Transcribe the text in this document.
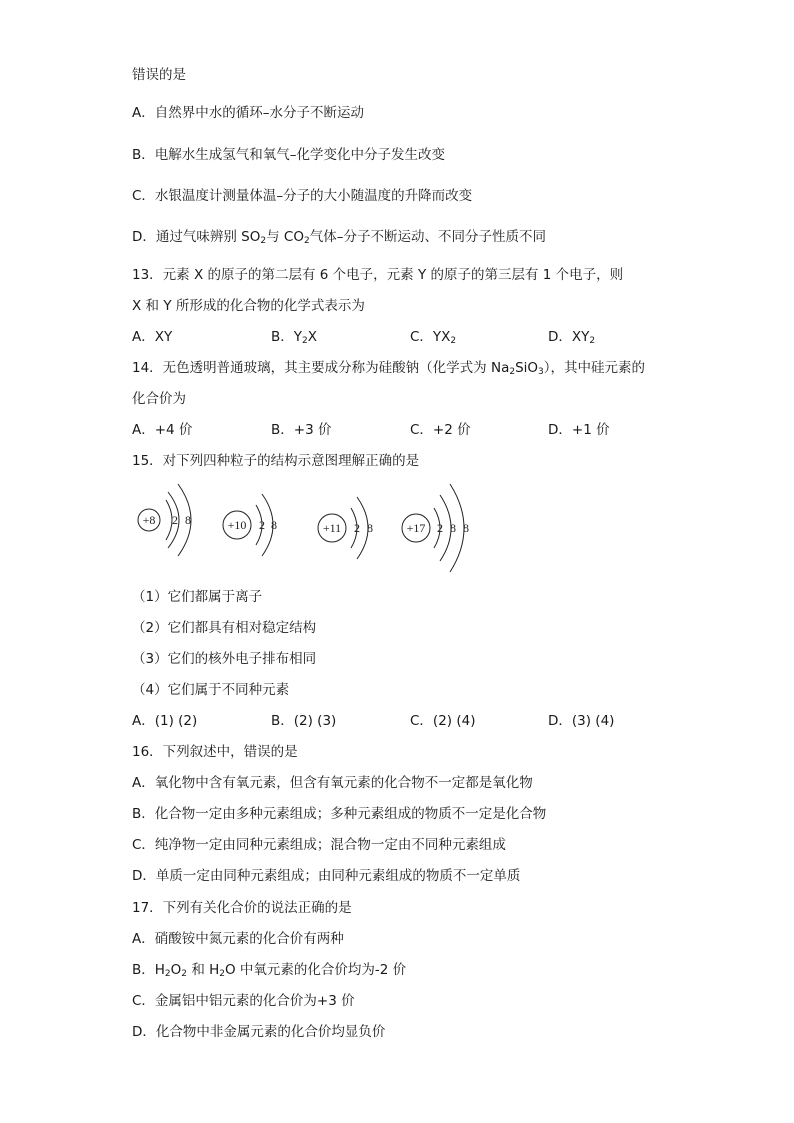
错误的是
A．自然界中水的循环–水分子不断运动
B．电解水生成氢气和氧气–化学变化中分子发生改变
C．水银温度计测量体温–分子的大小随温度的升降而改变
D．通过气味辨别 $SO_2$与 $CO_2$气体–分子不断运动、不同分子性质不同
13．元素 X 的原子的第二层有 6 个电子，元素 Y 的原子的第三层有 1 个电子，则
X 和 Y 所形成的化合物的化学式表示为
A．XY	B．$Y_2X$	C．$YX_2$	D．$XY_2$
14．无色透明普通玻璃，其主要成分称为硅酸钠（化学式为 $Na_2SiO_3$），其中硅元素的
化合价为
A．+4 价	B．+3 价	C．+2 价	D．+1 价
15．对下列四种粒子的结构示意图理解正确的是
+8 2 8	+10 2 8	+11 2 8	+17 2 8 8
（1）它们都属于离子
（2）它们都具有相对稳定结构
（3）它们的核外电子排布相同
（4）它们属于不同种元素
A．(1) (2)	B．(2) (3)	C．(2) (4)	D．(3) (4)
16．下列叙述中，错误的是
A．氧化物中含有氧元素，但含有氧元素的化合物不一定都是氧化物
B．化合物一定由多种元素组成；多种元素组成的物质不一定是化合物
C．纯净物一定由同种元素组成；混合物一定由不同种元素组成
D．单质一定由同种元素组成；由同种元素组成的物质不一定单质
17．下列有关化合价的说法正确的是
A．硝酸铵中氮元素的化合价有两种
B．$H_2O_2$ 和 $H_2O$ 中氧元素的化合价均为-2 价
C．金属铝中铝元素的化合价为+3 价
D．化合物中非金属元素的化合价均显负价
